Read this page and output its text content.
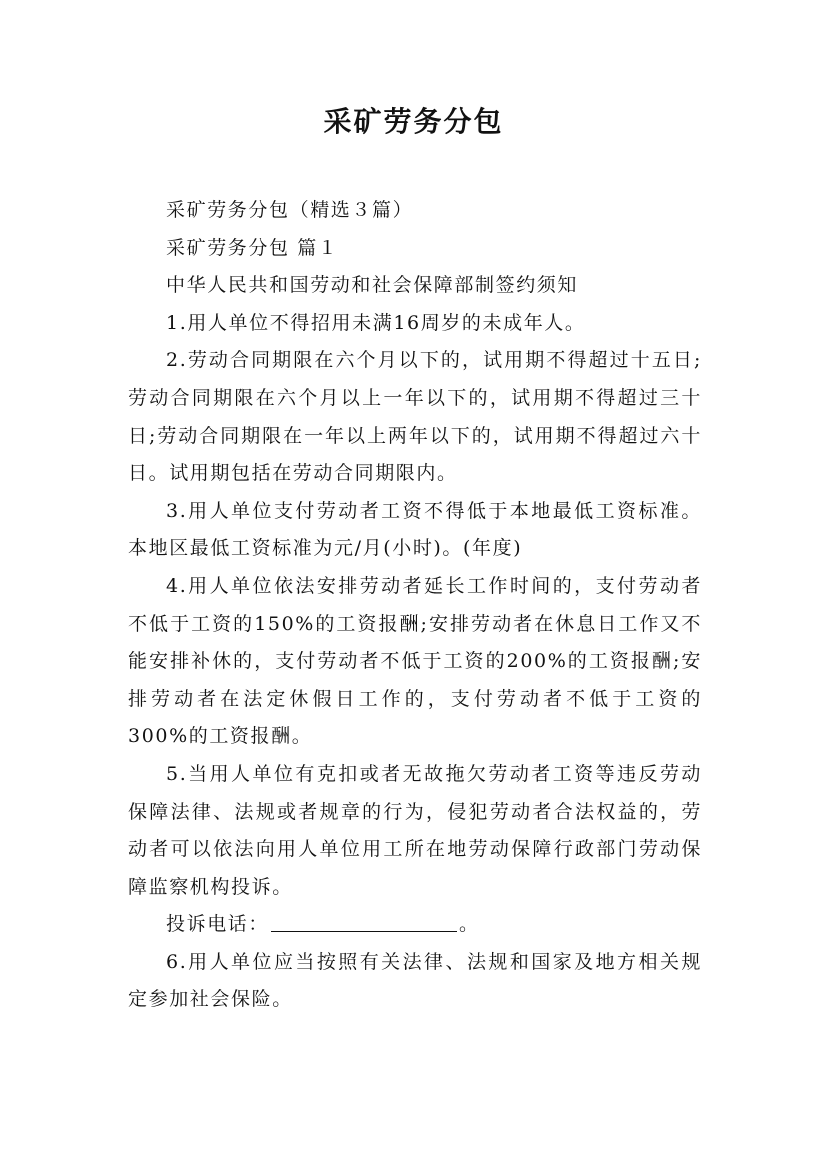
采矿劳务分包

采矿劳务分包（精选３篇）

采矿劳务分包 篇１

中华人民共和国劳动和社会保障部制签约须知

1.用人单位不得招用未满16周岁的未成年人。

2.劳动合同期限在六个月以下的，试用期不得超过十五日;劳动合同期限在六个月以上一年以下的，试用期不得超过三十日;劳动合同期限在一年以上两年以下的，试用期不得超过六十日。试用期包括在劳动合同期限内。

3.用人单位支付劳动者工资不得低于本地最低工资标准。本地区最低工资标准为元/月(小时)。(年度)

4.用人单位依法安排劳动者延长工作时间的，支付劳动者不低于工资的150%的工资报酬;安排劳动者在休息日工作又不能安排补休的，支付劳动者不低于工资的200%的工资报酬;安排劳动者在法定休假日工作的，支付劳动者不低于工资的300%的工资报酬。

5.当用人单位有克扣或者无故拖欠劳动者工资等违反劳动保障法律、法规或者规章的行为，侵犯劳动者合法权益的，劳动者可以依法向用人单位用工所在地劳动保障行政部门劳动保障监察机构投诉。

投诉电话：	。

6.用人单位应当按照有关法律、法规和国家及地方相关规定参加社会保险。
